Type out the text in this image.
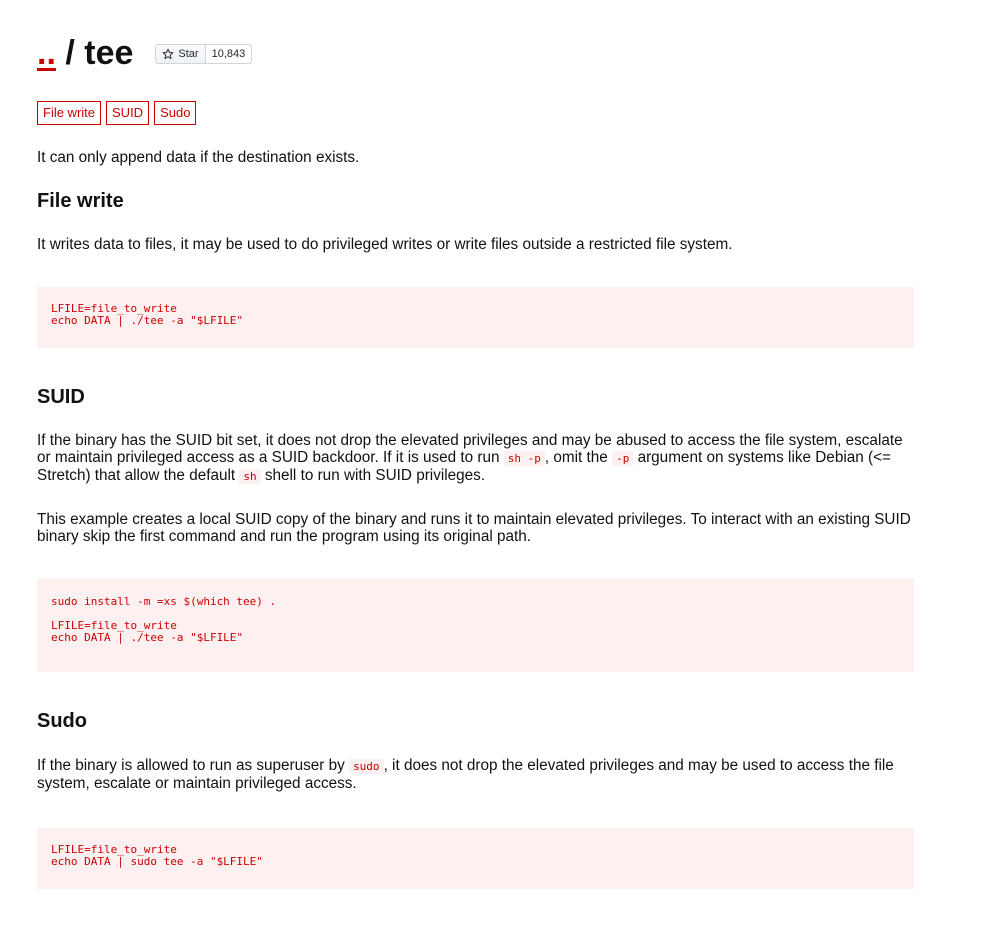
.. / tee	Star	10,843
File write	SUID	Sudo

It can only append data if the destination exists.

File write

It writes data to files, it may be used to do privileged writes or write files outside a restricted file system.

LFILE=file_to_write
echo DATA | ./tee -a "$LFILE"
SUID

If the binary has the SUID bit set, it does not drop the elevated privileges and may be abused to access the file system, escalate or maintain privileged access as a SUID backdoor. If it is used to run sh -p , omit the -p argument on systems like Debian (<= Stretch) that allow the default sh shell to run with SUID privileges.

This example creates a local SUID copy of the binary and runs it to maintain elevated privileges. To interact with an existing SUID binary skip the first command and run the program using its original path.

sudo install -m =xs $(which tee) .
LFILE=file_to_write
echo DATA | ./tee -a "$LFILE"
Sudo

If the binary is allowed to run as superuser by sudo , it does not drop the elevated privileges and may be used to access the file system, escalate or maintain privileged access.

LFILE=file_to_write
echo DATA | sudo tee -a "$LFILE"
